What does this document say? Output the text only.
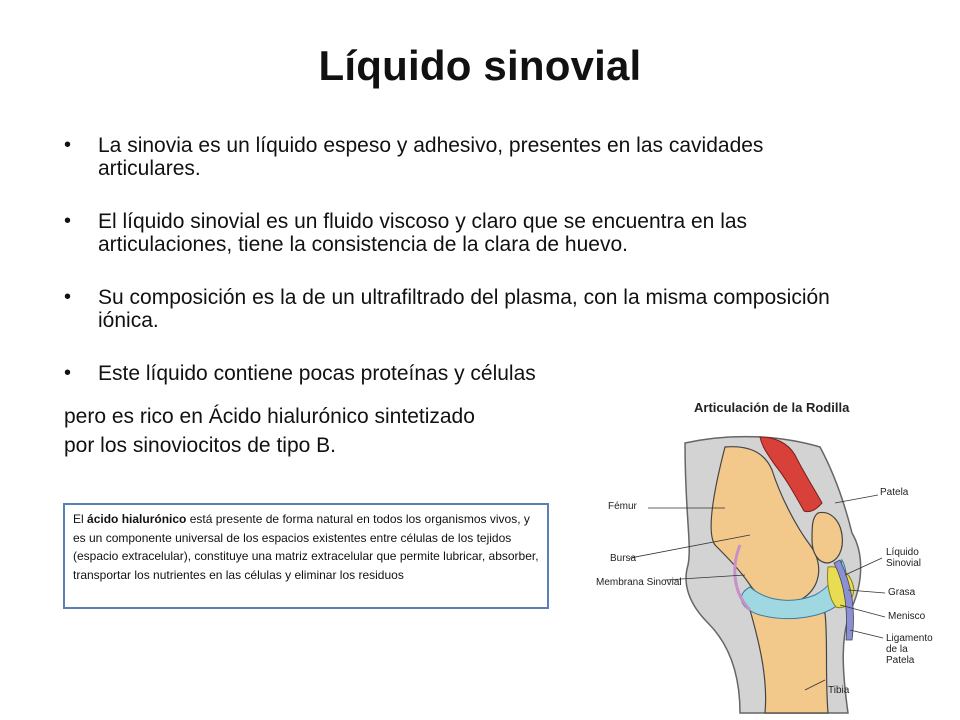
Líquido sinovial
• La sinovia es un líquido espeso y adhesivo, presentes en las cavidades articulares.
• El líquido sinovial es un fluido viscoso y claro que se encuentra en las articulaciones, tiene la consistencia de la clara de huevo.
• Su composición es la de un ultrafiltrado del plasma, con la misma composición iónica.
• Este líquido contiene pocas proteínas y células
pero es rico en Ácido hialurónico sintetizado
por los sinoviocitos de tipo B.
El ácido hialurónico está presente de forma natural en todos los organismos vivos, y es un componente universal de los espacios existentes entre células de los tejidos (espacio extracelular), constituye una matriz extracelular que permite lubricar, absorber, transportar los nutrientes en las células y eliminar los residuos
Articulación de la Rodilla
Fémur
Bursa
Membrana Sinovial
Patela
Líquido Sinovial
Grasa
Menisco
Ligamento de la Patela
Tibia
